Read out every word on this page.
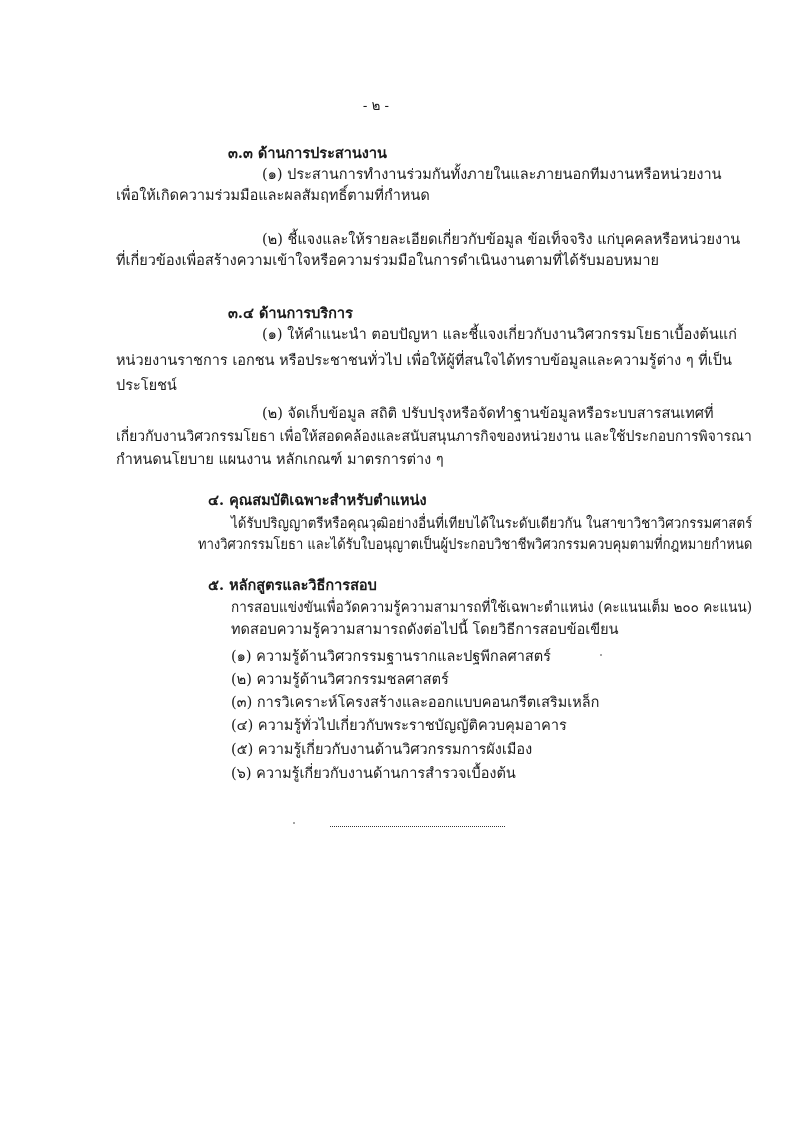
- ๒ -
๓.๓ ด้านการประสานงาน
(๑) ประสานการทำงานร่วมกันทั้งภายในและภายนอกทีมงานหรือหน่วยงาน
เพื่อให้เกิดความร่วมมือและผลสัมฤทธิ์ตามที่กำหนด
(๒) ชี้แจงและให้รายละเอียดเกี่ยวกับข้อมูล ข้อเท็จจริง แก่บุคคลหรือหน่วยงาน
ที่เกี่ยวข้องเพื่อสร้างความเข้าใจหรือความร่วมมือในการดำเนินงานตามที่ได้รับมอบหมาย
๓.๔ ด้านการบริการ
(๑) ให้คำแนะนำ ตอบปัญหา และชี้แจงเกี่ยวกับงานวิศวกรรมโยธาเบื้องต้นแก่
หน่วยงานราชการ เอกชน หรือประชาชนทั่วไป เพื่อให้ผู้ที่สนใจได้ทราบข้อมูลและความรู้ต่าง ๆ ที่เป็น
ประโยชน์
(๒) จัดเก็บข้อมูล สถิติ ปรับปรุงหรือจัดทำฐานข้อมูลหรือระบบสารสนเทศที่
เกี่ยวกับงานวิศวกรรมโยธา เพื่อให้สอดคล้องและสนับสนุนภารกิจของหน่วยงาน และใช้ประกอบการพิจารณา
กำหนดนโยบาย แผนงาน หลักเกณฑ์ มาตรการต่าง ๆ
๔. คุณสมบัติเฉพาะสำหรับตำแหน่ง
ได้รับปริญญาตรีหรือคุณวุฒิอย่างอื่นที่เทียบได้ในระดับเดียวกัน ในสาขาวิชาวิศวกรรมศาสตร์
ทางวิศวกรรมโยธา และได้รับใบอนุญาตเป็นผู้ประกอบวิชาชีพวิศวกรรมควบคุมตามที่กฎหมายกำหนด
๕. หลักสูตรและวิธีการสอบ
การสอบแข่งขันเพื่อวัดความรู้ความสามารถที่ใช้เฉพาะตำแหน่ง (คะแนนเต็ม ๒๐๐ คะแนน)
ทดสอบความรู้ความสามารถดังต่อไปนี้ โดยวิธีการสอบข้อเขียน
(๑) ความรู้ด้านวิศวกรรมฐานรากและปฐพีกลศาสตร์
(๒) ความรู้ด้านวิศวกรรมชลศาสตร์
(๓) การวิเคราะห์โครงสร้างและออกแบบคอนกรีตเสริมเหล็ก
(๔) ความรู้ทั่วไปเกี่ยวกับพระราชบัญญัติควบคุมอาคาร
(๕) ความรู้เกี่ยวกับงานด้านวิศวกรรมการผังเมือง
(๖) ความรู้เกี่ยวกับงานด้านการสำรวจเบื้องต้น
